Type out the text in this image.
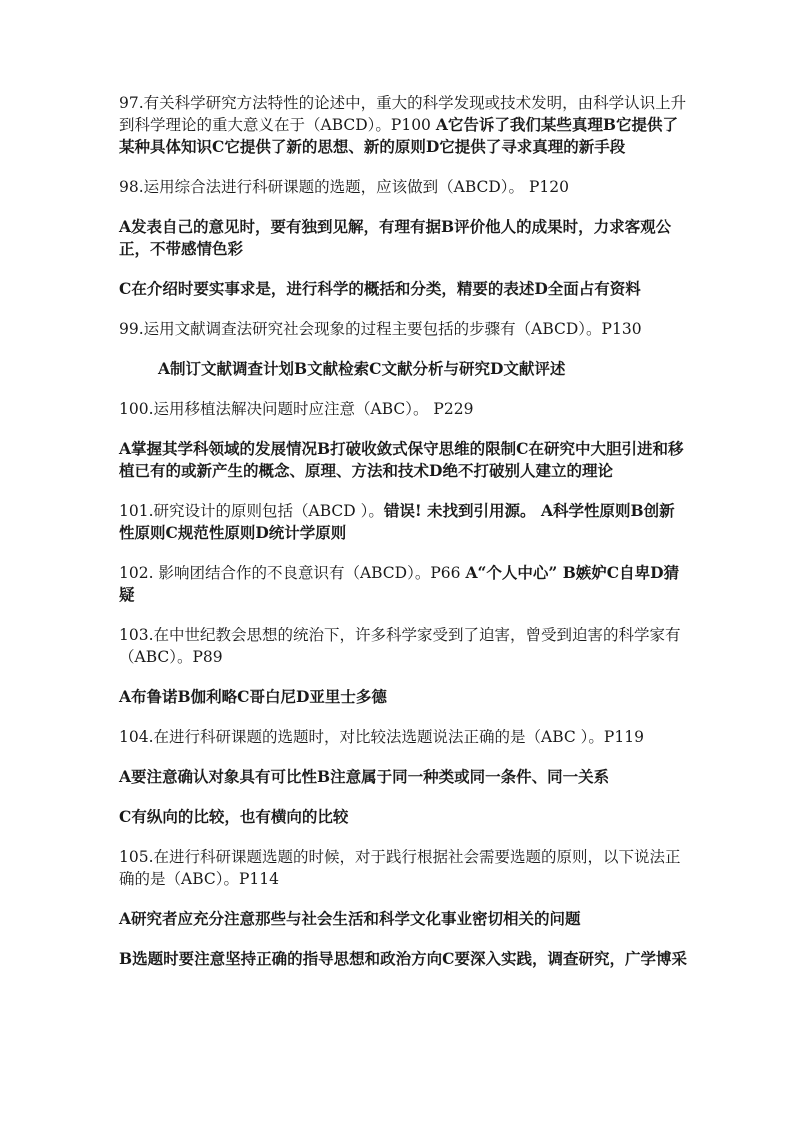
97.有关科学研究方法特性的论述中，重大的科学发现或技术发明，由科学认识上升到科学理论的重大意义在于（ABCD）。P100 A它告诉了我们某些真理B它提供了某种具体知识C它提供了新的思想、新的原则D它提供了寻求真理的新手段

98.运用综合法进行科研课题的选题，应该做到（ABCD）。 P120

A发表自己的意见时，要有独到见解，有理有据B评价他人的成果时，力求客观公正，不带感情色彩

C在介绍时要实事求是，进行科学的概括和分类，精要的表述D全面占有资料

99.运用文献调查法研究社会现象的过程主要包括的步骤有（ABCD）。P130

A制订文献调查计划B文献检索C文献分析与研究D文献评述

100.运用移植法解决问题时应注意（ABC）。 P229

A掌握其学科领域的发展情况B打破收敛式保守思维的限制C在研究中大胆引进和移植已有的或新产生的概念、原理、方法和技术D绝不打破别人建立的理论

101.研究设计的原则包括（ABCD ）。错误! 未找到引用源。 A科学性原则B创新性原则C规范性原则D统计学原则

102. 影响团结合作的不良意识有（ABCD）。P66 A“个人中心” B嫉妒C自卑D猜疑

103.在中世纪教会思想的统治下，许多科学家受到了迫害，曾受到迫害的科学家有（ABC）。P89

A布鲁诺B伽利略C哥白尼D亚里士多德

104.在进行科研课题的选题时，对比较法选题说法正确的是（ABC ）。P119

A要注意确认对象具有可比性B注意属于同一种类或同一条件、同一关系

C有纵向的比较，也有横向的比较

105.在进行科研课题选题的时候，对于践行根据社会需要选题的原则，以下说法正确的是（ABC）。P114

A研究者应充分注意那些与社会生活和科学文化事业密切相关的问题

B选题时要注意坚持正确的指导思想和政治方向C要深入实践，调查研究，广学博采
